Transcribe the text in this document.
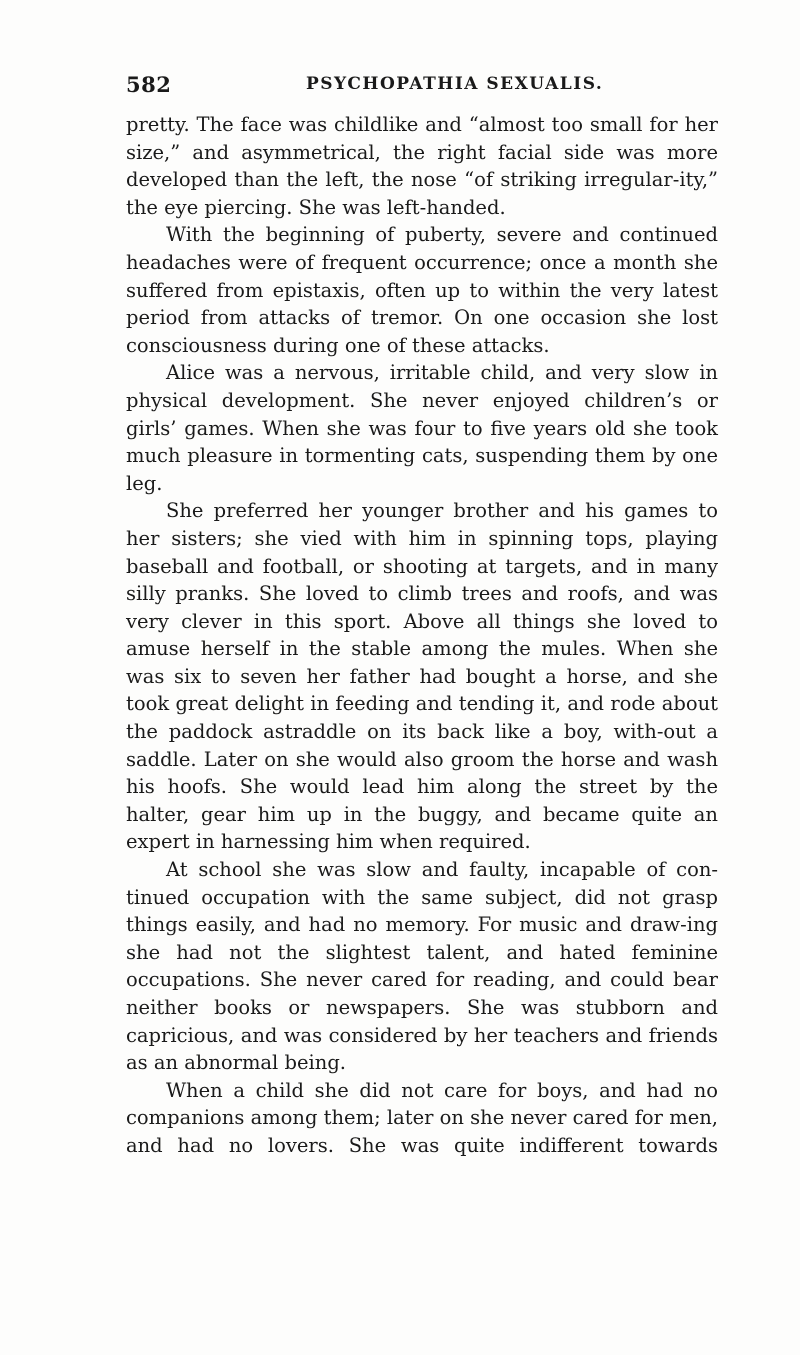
582	PSYCHOPATHIA SEXUALIS.

pretty. The face was childlike and “almost too small for her size,” and asymmetrical, the right facial side was more developed than the left, the nose “of striking irregular-ity,” the eye piercing. She was left-handed.

With the beginning of puberty, severe and continued headaches were of frequent occurrence; once a month she suffered from epistaxis, often up to within the very latest period from attacks of tremor. On one occasion she lost consciousness during one of these attacks.

Alice was a nervous, irritable child, and very slow in physical development. She never enjoyed children’s or girls’ games. When she was four to five years old she took much pleasure in tormenting cats, suspending them by one leg.

She preferred her younger brother and his games to her sisters; she vied with him in spinning tops, playing baseball and football, or shooting at targets, and in many silly pranks. She loved to climb trees and roofs, and was very clever in this sport. Above all things she loved to amuse herself in the stable among the mules. When she was six to seven her father had bought a horse, and she took great delight in feeding and tending it, and rode about the paddock astraddle on its back like a boy, with-out a saddle. Later on she would also groom the horse and wash his hoofs. She would lead him along the street by the halter, gear him up in the buggy, and became quite an expert in harnessing him when required.

At school she was slow and faulty, incapable of con-tinued occupation with the same subject, did not grasp things easily, and had no memory. For music and draw-ing she had not the slightest talent, and hated feminine occupations. She never cared for reading, and could bear neither books or newspapers. She was stubborn and capricious, and was considered by her teachers and friends as an abnormal being.

When a child she did not care for boys, and had no companions among them; later on she never cared for men, and had no lovers. She was quite indifferent towards
